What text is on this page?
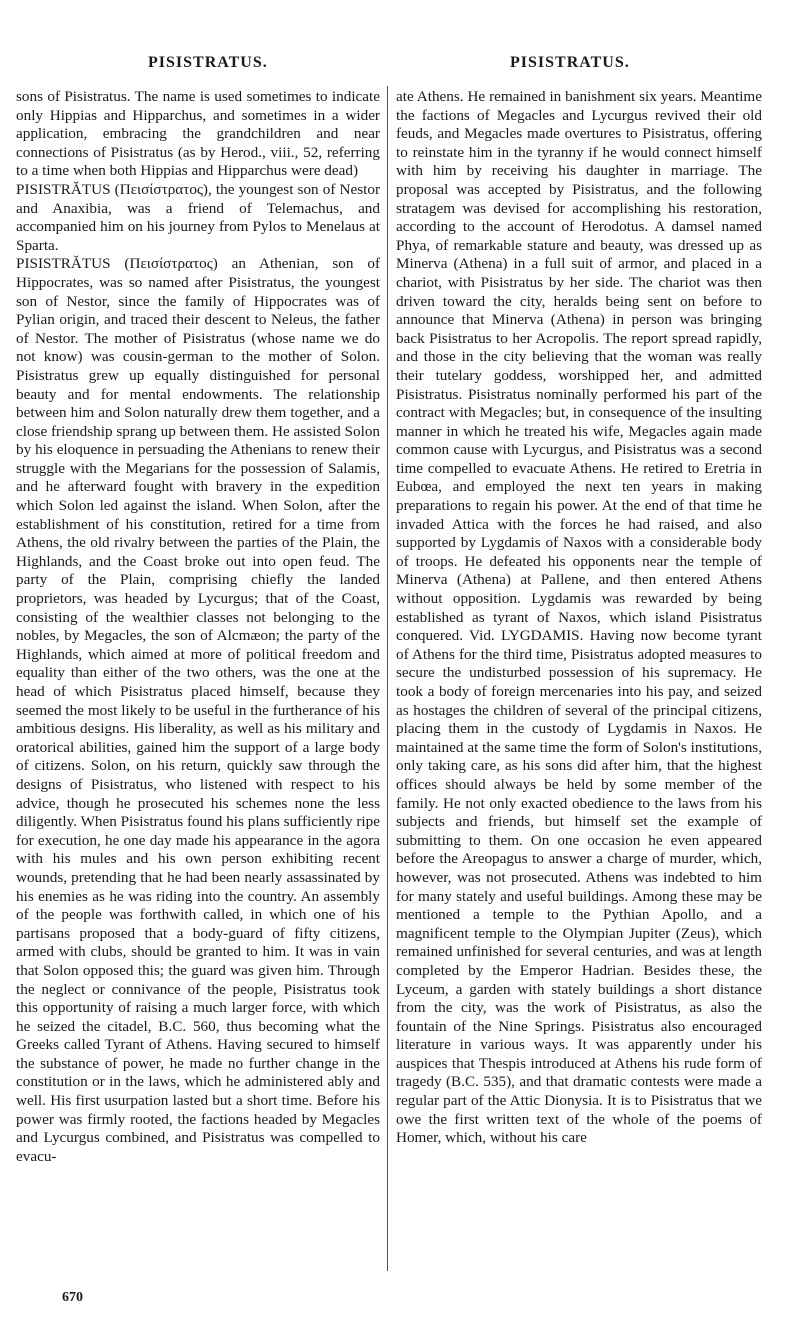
PISISTRATUS.	PISISTRATUS.

sons of Pisistratus. The name is used sometimes to indicate only Hippias and Hipparchus, and sometimes in a wider application, embracing the grandchildren and near connections of Pisistratus (as by Herod., viii., 52, referring to a time when both Hippias and Hipparchus were dead)

PISISTRĂTUS (Πεισίστρατος), the youngest son of Nestor and Anaxibia, was a friend of Telemachus, and accompanied him on his journey from Pylos to Menelaus at Sparta.

PISISTRĂTUS (Πεισίστρατος) an Athenian, son of Hippocrates, was so named after Pisistratus, the youngest son of Nestor, since the family of Hippocrates was of Pylian origin, and traced their descent to Neleus, the father of Nestor. The mother of Pisistratus (whose name we do not know) was cousin-german to the mother of Solon. Pisistratus grew up equally distinguished for personal beauty and for mental endowments. The relationship between him and Solon naturally drew them together, and a close friendship sprang up between them. He assisted Solon by his eloquence in persuading the Athenians to renew their struggle with the Megarians for the possession of Salamis, and he afterward fought with bravery in the expedition which Solon led against the island. When Solon, after the establishment of his constitution, retired for a time from Athens, the old rivalry between the parties of the Plain, the Highlands, and the Coast broke out into open feud. The party of the Plain, comprising chiefly the landed proprietors, was headed by Lycurgus; that of the Coast, consisting of the wealthier classes not belonging to the nobles, by Megacles, the son of Alcmæon; the party of the Highlands, which aimed at more of political freedom and equality than either of the two others, was the one at the head of which Pisistratus placed himself, because they seemed the most likely to be useful in the furtherance of his ambitious designs. His liberality, as well as his military and oratorical abilities, gained him the support of a large body of citizens. Solon, on his return, quickly saw through the designs of Pisistratus, who listened with respect to his advice, though he prosecuted his schemes none the less diligently. When Pisistratus found his plans sufficiently ripe for execution, he one day made his appearance in the agora with his mules and his own person exhibiting recent wounds, pretending that he had been nearly assassinated by his enemies as he was riding into the country. An assembly of the people was forthwith called, in which one of his partisans proposed that a body-guard of fifty citizens, armed with clubs, should be granted to him. It was in vain that Solon opposed this; the guard was given him. Through the neglect or connivance of the people, Pisistratus took this opportunity of raising a much larger force, with which he seized the citadel, B.C. 560, thus becoming what the Greeks called Tyrant of Athens. Having secured to himself the substance of power, he made no further change in the constitution or in the laws, which he administered ably and well. His first usurpation lasted but a short time. Before his power was firmly rooted, the factions headed by Megacles and Lycurgus combined, and Pisistratus was compelled to evacu-

ate Athens. He remained in banishment six years. Meantime the factions of Megacles and Lycurgus revived their old feuds, and Megacles made overtures to Pisistratus, offering to reinstate him in the tyranny if he would connect himself with him by receiving his daughter in marriage. The proposal was accepted by Pisistratus, and the following stratagem was devised for accomplishing his restoration, according to the account of Herodotus. A damsel named Phya, of remarkable stature and beauty, was dressed up as Minerva (Athena) in a full suit of armor, and placed in a chariot, with Pisistratus by her side. The chariot was then driven toward the city, heralds being sent on before to announce that Minerva (Athena) in person was bringing back Pisistratus to her Acropolis. The report spread rapidly, and those in the city believing that the woman was really their tutelary goddess, worshipped her, and admitted Pisistratus. Pisistratus nominally performed his part of the contract with Megacles; but, in consequence of the insulting manner in which he treated his wife, Megacles again made common cause with Lycurgus, and Pisistratus was a second time compelled to evacuate Athens. He retired to Eretria in Eubœa, and employed the next ten years in making preparations to regain his power. At the end of that time he invaded Attica with the forces he had raised, and also supported by Lygdamis of Naxos with a considerable body of troops. He defeated his opponents near the temple of Minerva (Athena) at Pallene, and then entered Athens without opposition. Lygdamis was rewarded by being established as tyrant of Naxos, which island Pisistratus conquered. Vid. LYGDAMIS. Having now become tyrant of Athens for the third time, Pisistratus adopted measures to secure the undisturbed possession of his supremacy. He took a body of foreign mercenaries into his pay, and seized as hostages the children of several of the principal citizens, placing them in the custody of Lygdamis in Naxos. He maintained at the same time the form of Solon's institutions, only taking care, as his sons did after him, that the highest offices should always be held by some member of the family. He not only exacted obedience to the laws from his subjects and friends, but himself set the example of submitting to them. On one occasion he even appeared before the Areopagus to answer a charge of murder, which, however, was not prosecuted. Athens was indebted to him for many stately and useful buildings. Among these may be mentioned a temple to the Pythian Apollo, and a magnificent temple to the Olympian Jupiter (Zeus), which remained unfinished for several centuries, and was at length completed by the Emperor Hadrian. Besides these, the Lyceum, a garden with stately buildings a short distance from the city, was the work of Pisistratus, as also the fountain of the Nine Springs. Pisistratus also encouraged literature in various ways. It was apparently under his auspices that Thespis introduced at Athens his rude form of tragedy (B.C. 535), and that dramatic contests were made a regular part of the Attic Dionysia. It is to Pisistratus that we owe the first written text of the whole of the poems of Homer, which, without his care

670
